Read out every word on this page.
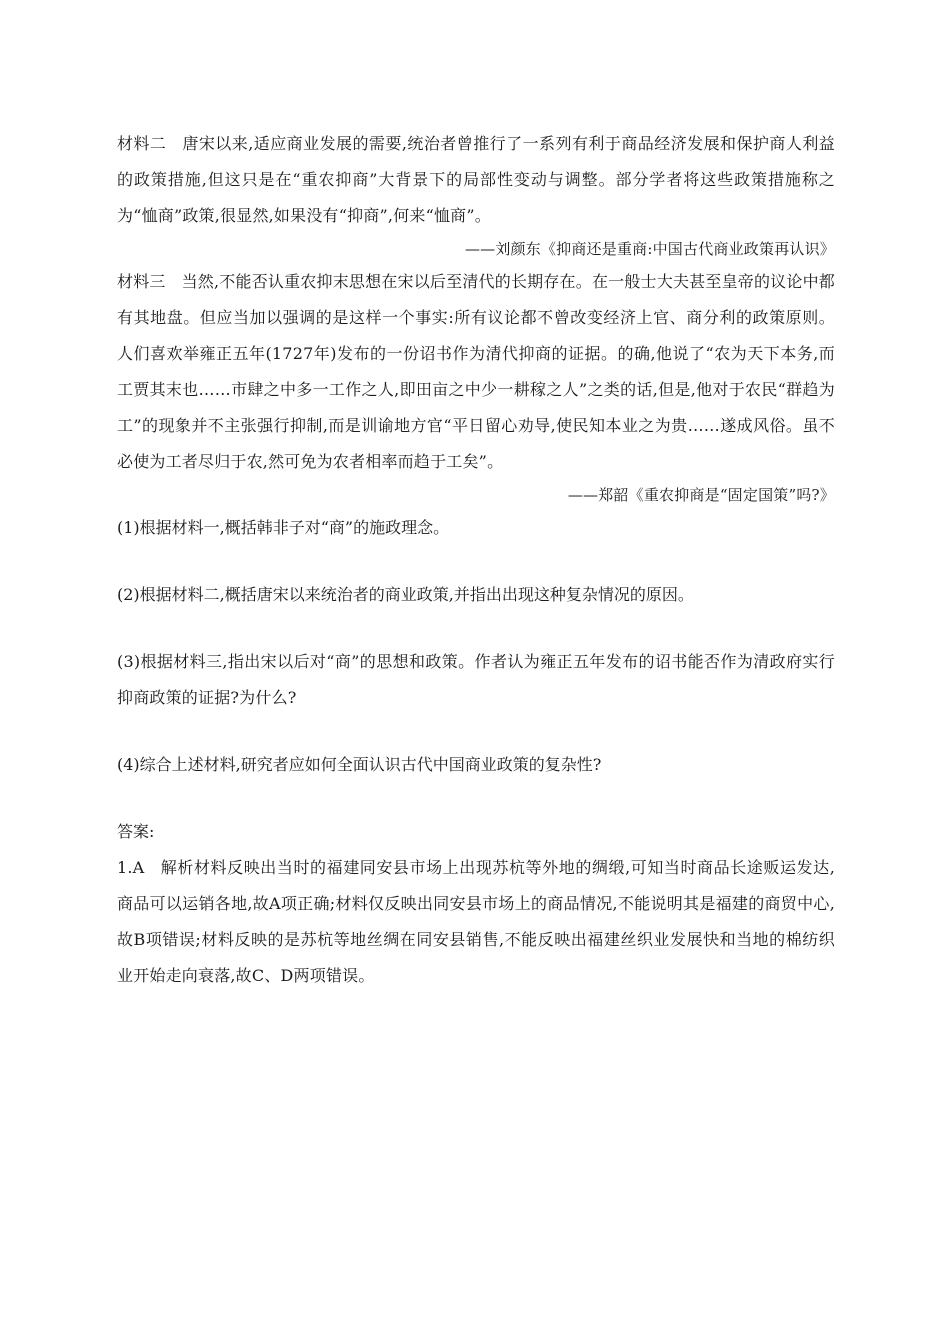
材料二 唐宋以来,适应商业发展的需要,统治者曾推行了一系列有利于商品经济发展和保护商人利益的政策措施,但这只是在“重农抑商”大背景下的局部性变动与调整。部分学者将这些政策措施称之为“恤商”政策,很显然,如果没有“抑商”,何来“恤商”。

——刘颜东《抑商还是重商:中国古代商业政策再认识》

材料三 当然,不能否认重农抑末思想在宋以后至清代的长期存在。在一般士大夫甚至皇帝的议论中都有其地盘。但应当加以强调的是这样一个事实:所有议论都不曾改变经济上官、商分利的政策原则。人们喜欢举雍正五年(1727年)发布的一份诏书作为清代抑商的证据。的确,他说了“农为天下本务,而工贾其末也……市肆之中多一工作之人,即田亩之中少一耕稼之人”之类的话,但是,他对于农民“群趋为工”的现象并不主张强行抑制,而是训谕地方官“平日留心劝导,使民知本业之为贵……遂成风俗。虽不必使为工者尽归于农,然可免为农者相率而趋于工矣”。

——郑韶《重农抑商是“固定国策”吗?》

(1)根据材料一,概括韩非子对“商”的施政理念。

(2)根据材料二,概括唐宋以来统治者的商业政策,并指出出现这种复杂情况的原因。

(3)根据材料三,指出宋以后对“商”的思想和政策。作者认为雍正五年发布的诏书能否作为清政府实行抑商政策的证据?为什么?

(4)综合上述材料,研究者应如何全面认识古代中国商业政策的复杂性?

答案:

1.A 解析材料反映出当时的福建同安县市场上出现苏杭等外地的绸缎,可知当时商品长途贩运发达,商品可以运销各地,故A项正确;材料仅反映出同安县市场上的商品情况,不能说明其是福建的商贸中心,故B项错误;材料反映的是苏杭等地丝绸在同安县销售,不能反映出福建丝织业发展快和当地的棉纺织业开始走向衰落,故C、D两项错误。
